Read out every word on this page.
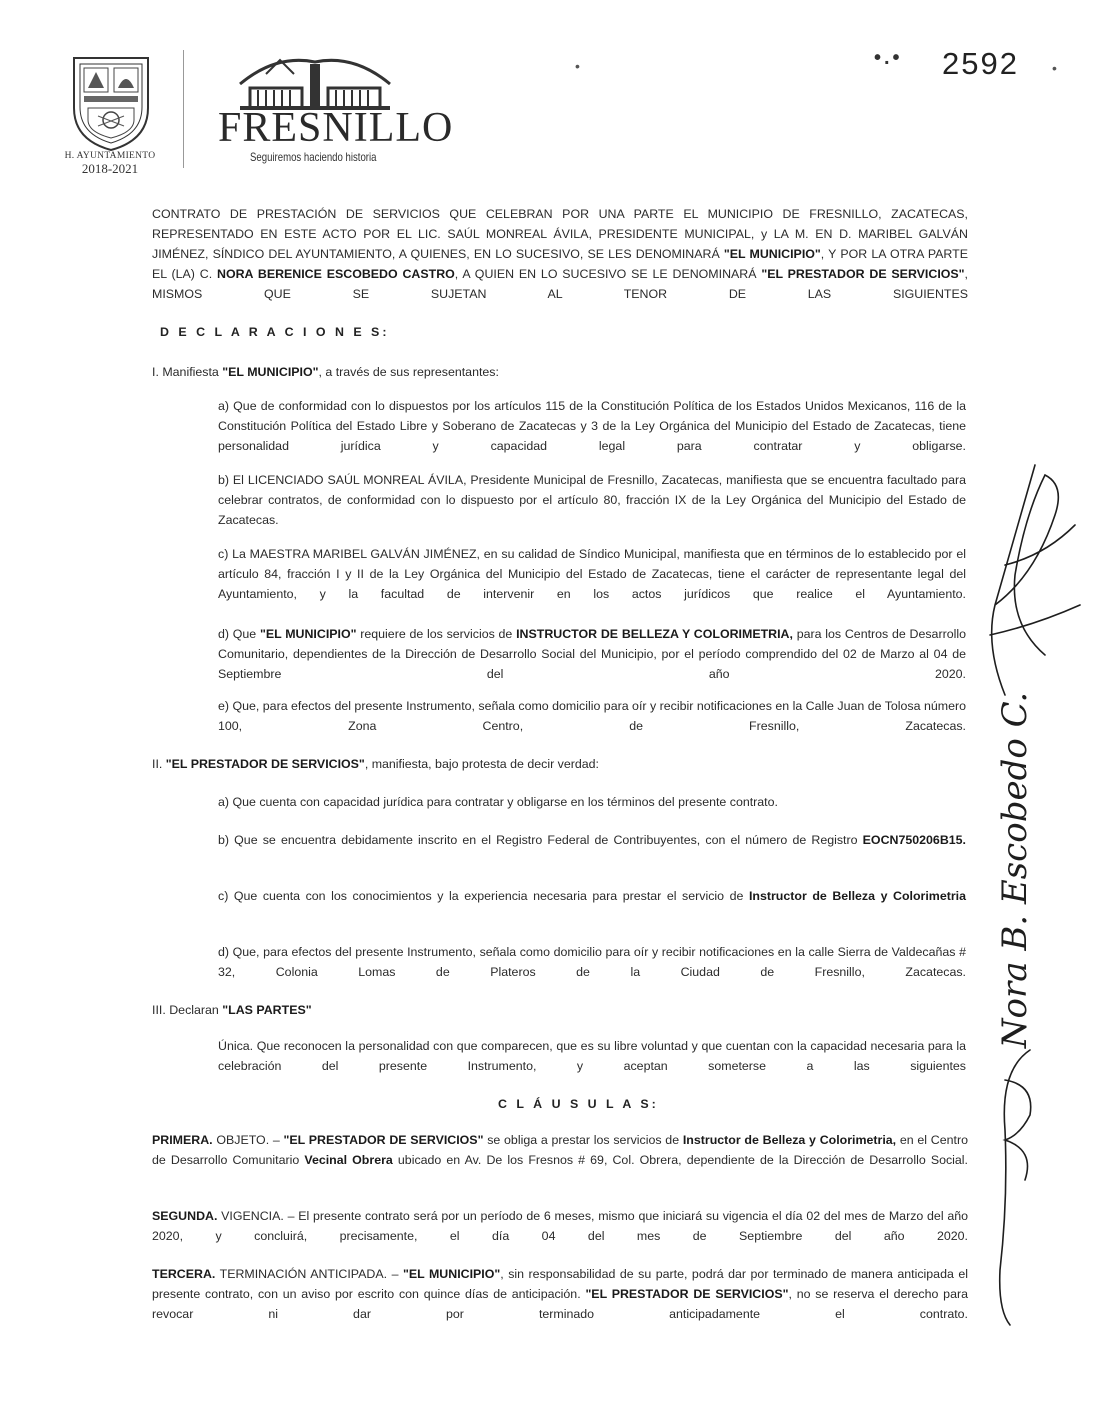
H. AYUNTAMIENTO
2018-2021
FRESNILLO
Seguiremos haciendo historia
•	•.• 2592 •
CONTRATO DE PRESTACIÓN DE SERVICIOS QUE CELEBRAN POR UNA PARTE EL MUNICIPIO DE FRESNILLO, ZACATECAS, REPRESENTADO EN ESTE ACTO POR EL LIC. SAÚL MONREAL ÁVILA, PRESIDENTE MUNICIPAL, y LA M. EN D. MARIBEL GALVÁN JIMÉNEZ, SÍNDICO DEL AYUNTAMIENTO, A QUIENES, EN LO SUCESIVO, SE LES DENOMINARÁ "EL MUNICIPIO", Y POR LA OTRA PARTE EL (LA) C. NORA BERENICE ESCOBEDO CASTRO, A QUIEN EN LO SUCESIVO SE LE DENOMINARÁ "EL PRESTADOR DE SERVICIOS", MISMOS QUE SE SUJETAN AL TENOR DE LAS SIGUIENTES
D E C L A R A C I O N E S:
I. Manifiesta "EL MUNICIPIO", a través de sus representantes:
a) Que de conformidad con lo dispuestos por los artículos 115 de la Constitución Política de los Estados Unidos Mexicanos, 116 de la Constitución Política del Estado Libre y Soberano de Zacatecas y 3 de la Ley Orgánica del Municipio del Estado de Zacatecas, tiene personalidad jurídica y capacidad legal para contratar y obligarse.
b) El LICENCIADO SAÚL MONREAL ÁVILA, Presidente Municipal de Fresnillo, Zacatecas, manifiesta que se encuentra facultado para celebrar contratos, de conformidad con lo dispuesto por el artículo 80, fracción IX de la Ley Orgánica del Municipio del Estado de Zacatecas.
c) La MAESTRA MARIBEL GALVÁN JIMÉNEZ, en su calidad de Síndico Municipal, manifiesta que en términos de lo establecido por el artículo 84, fracción I y II de la Ley Orgánica del Municipio del Estado de Zacatecas, tiene el carácter de representante legal del Ayuntamiento, y la facultad de intervenir en los actos jurídicos que realice el Ayuntamiento.
d) Que "EL MUNICIPIO" requiere de los servicios de INSTRUCTOR DE BELLEZA Y COLORIMETRIA, para los Centros de Desarrollo Comunitario, dependientes de la Dirección de Desarrollo Social del Municipio, por el período comprendido del 02 de Marzo al 04 de Septiembre del año 2020.
e) Que, para efectos del presente Instrumento, señala como domicilio para oír y recibir notificaciones en la Calle Juan de Tolosa número 100, Zona Centro, de Fresnillo, Zacatecas.
II. "EL PRESTADOR DE SERVICIOS", manifiesta, bajo protesta de decir verdad:
a) Que cuenta con capacidad jurídica para contratar y obligarse en los términos del presente contrato.
b) Que se encuentra debidamente inscrito en el Registro Federal de Contribuyentes, con el número de Registro EOCN750206B15.
c) Que cuenta con los conocimientos y la experiencia necesaria para prestar el servicio de Instructor de Belleza y Colorimetria
d) Que, para efectos del presente Instrumento, señala como domicilio para oír y recibir notificaciones en la calle Sierra de Valdecañas # 32, Colonia Lomas de Plateros de la Ciudad de Fresnillo, Zacatecas.
III. Declaran "LAS PARTES"
Única. Que reconocen la personalidad con que comparecen, que es su libre voluntad y que cuentan con la capacidad necesaria para la celebración del presente Instrumento, y aceptan someterse a las siguientes
C L Á U S U L A S:
PRIMERA. OBJETO. – "EL PRESTADOR DE SERVICIOS" se obliga a prestar los servicios de Instructor de Belleza y Colorimetria, en el Centro de Desarrollo Comunitario Vecinal Obrera ubicado en Av. De los Fresnos # 69, Col. Obrera, dependiente de la Dirección de Desarrollo Social.
SEGUNDA. VIGENCIA. – El presente contrato será por un período de 6 meses, mismo que iniciará su vigencia el día 02 del mes de Marzo del año 2020, y concluirá, precisamente, el día 04 del mes de Septiembre del año 2020.
TERCERA. TERMINACIÓN ANTICIPADA. – "EL MUNICIPIO", sin responsabilidad de su parte, podrá dar por terminado de manera anticipada el presente contrato, con un aviso por escrito con quince días de anticipación. "EL PRESTADOR DE SERVICIOS", no se reserva el derecho para revocar ni dar por terminado anticipadamente el contrato.
Nora B. Escobedo C.
